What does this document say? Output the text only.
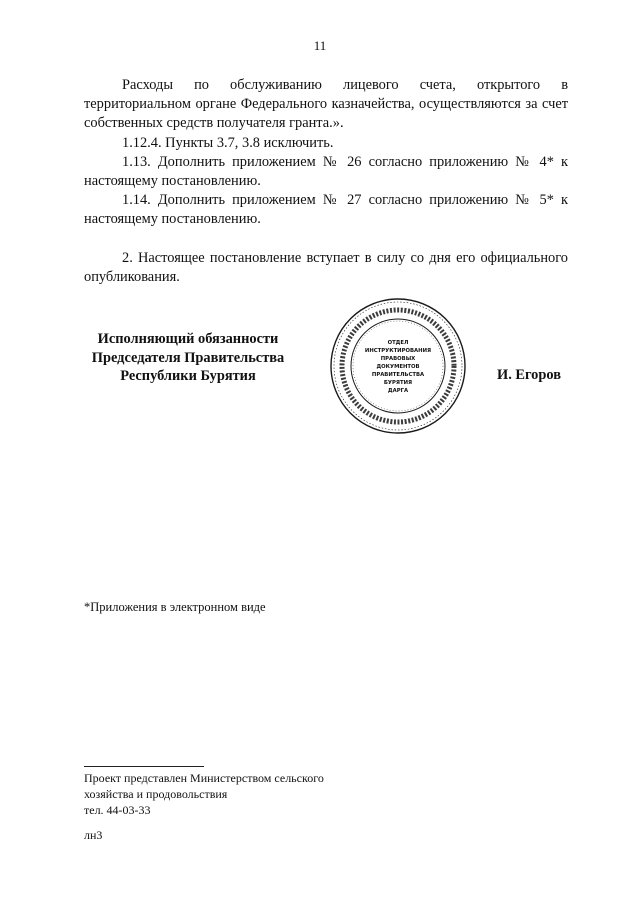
11

Расходы по обслуживанию лицевого счета, открытого в территориальном органе Федерального казначейства, осуществляются за счет собственных средств получателя гранта.».

1.12.4. Пункты 3.7, 3.8 исключить.

1.13. Дополнить приложением № 26 согласно приложению № 4* к настоящему постановлению.

1.14. Дополнить приложением № 27 согласно приложению № 5* к настоящему постановлению.

2. Настоящее постановление вступает в силу со дня его официального опубликования.

Исполняющий обязанности
Председателя Правительства
Республики Бурятия
ОТДЕЛ
ИНСТРУКТИРОВАНИЯ
ПРАВОВЫХ
ДОКУМЕНТОВ
ПРАВИТЕЛЬСТВА
БУРЯТИЯ
ДАРГА
И. Егоров
*Приложения в электронном виде
Проект представлен Министерством сельского
хозяйства и продовольствия
тел. 44-03-33
лн3
